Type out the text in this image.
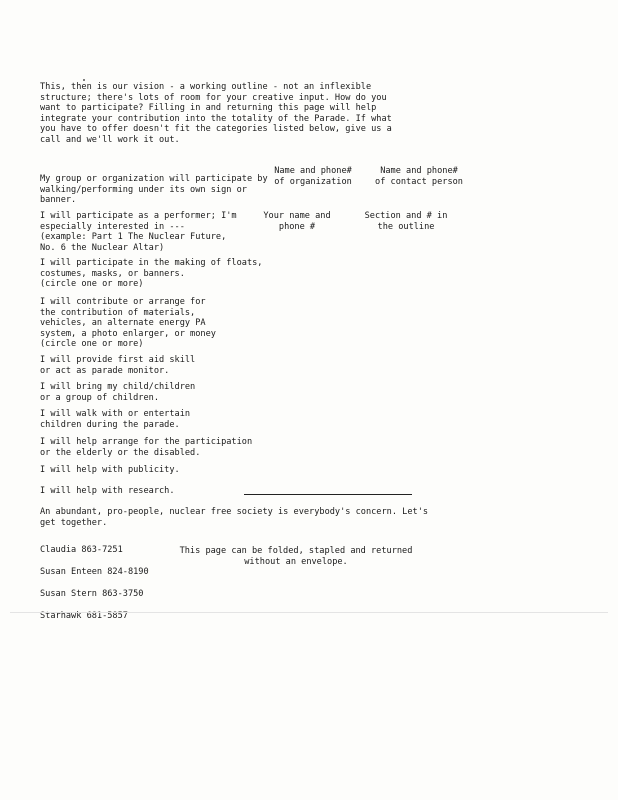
This, then is our vision - a working outline - not an inflexible
structure; there's lots of room for your creative input. How do you
want to participate? Filling in and returning this page will help
integrate your contribution into the totality of the Parade. If what
you have to offer doesn't fit the categories listed below, give us a
call and we'll work it out.
Name and phone#
of organization
Name and phone#
of contact person
Your name and
phone #
Section and # in
the outline
My group or organization will participate by
walking/performing under its own sign or
banner.
I will participate as a performer; I'm
especially interested in ---
(example: Part 1 The Nuclear Future,
No. 6 the Nuclear Altar)
I will participate in the making of floats,
costumes, masks, or banners.
(circle one or more)
I will contribute or arrange for
the contribution of materials,
vehicles, an alternate energy PA
system, a photo enlarger, or money
(circle one or more)
I will provide first aid skill
or act as parade monitor.
I will bring my child/children
or a group of children.
I will walk with or entertain
children during the parade.
I will help arrange for the participation
or the elderly or the disabled.
I will help with publicity.
I will help with research.
An abundant, pro-people, nuclear free society is everybody's concern. Let's
get together.

Claudia 863-7251

Susan Enteen 824-8190

Susan Stern 863-3750

Starhawk 681-5857

This page can be folded, stapled and returned
without an envelope.
